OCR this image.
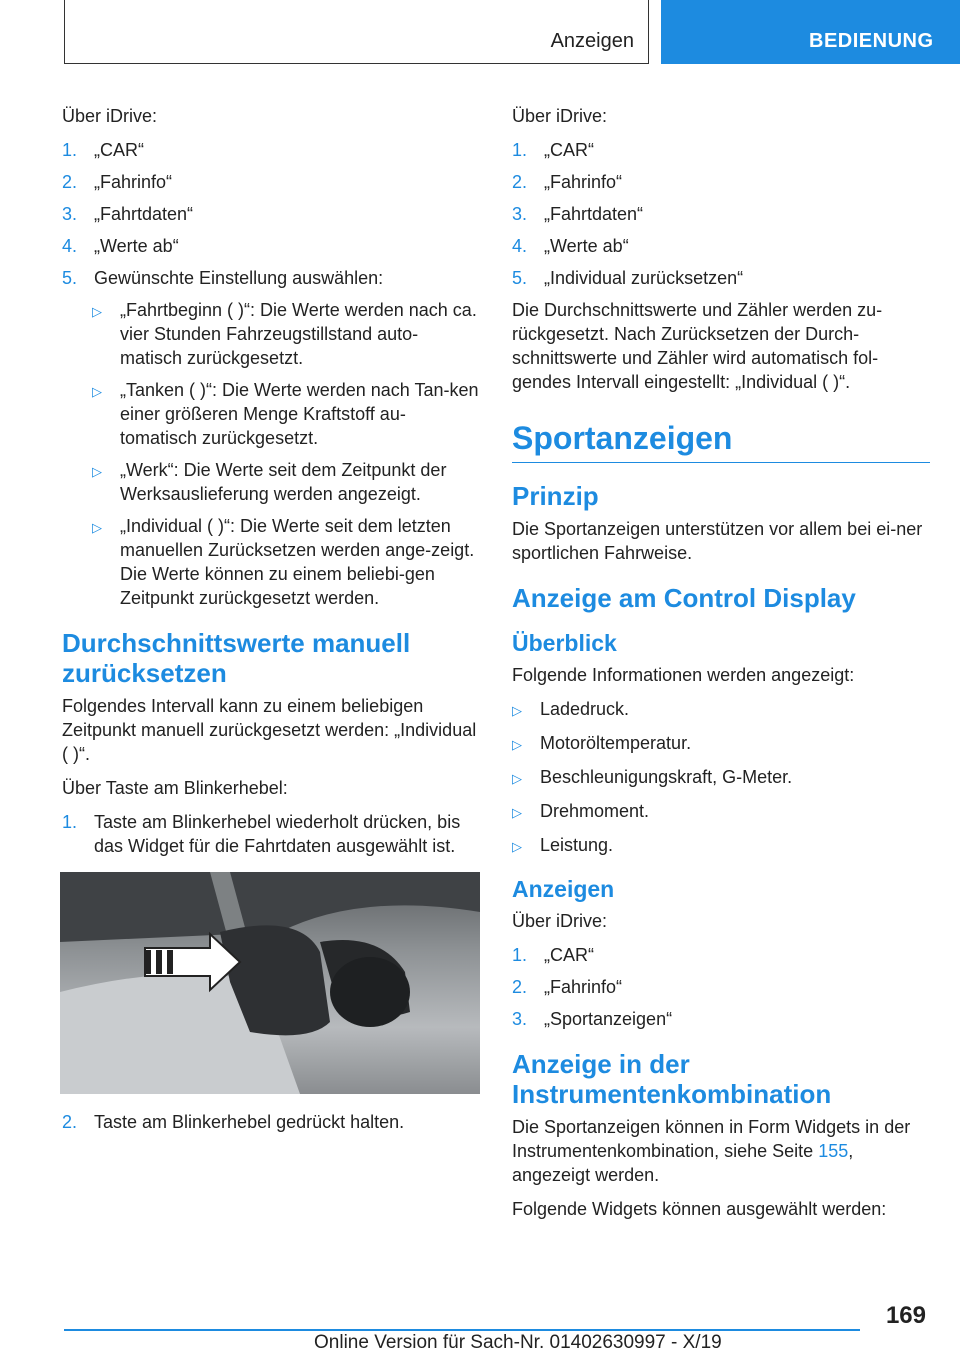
Anzeigen	BEDIENUNG

Über iDrive:

1. „CAR“
2. „Fahrinfo“
3. „Fahrtdaten“
4. „Werte ab“
5. Gewünschte Einstellung auswählen:
▷	„Fahrtbeginn ( )“: Die Werte werden nach ca. vier Stunden Fahrzeugstillstand auto‐matisch zurückgesetzt.
▷	„Tanken ( )“: Die Werte werden nach Tan‐ken einer größeren Menge Kraftstoff au‐tomatisch zurückgesetzt.
▷	„Werk“: Die Werte seit dem Zeitpunkt der Werksauslieferung werden angezeigt.
▷	„Individual ( )“: Die Werte seit dem letzten manuellen Zurücksetzen werden ange‐zeigt. Die Werte können zu einem beliebi‐gen Zeitpunkt zurückgesetzt werden.
Durchschnittswerte manuell zurücksetzen

Folgendes Intervall kann zu einem beliebigen Zeitpunkt manuell zurückgesetzt werden: „Individual ( )“.

Über Taste am Blinkerhebel:

1. Taste am Blinkerhebel wiederholt drücken, bis das Widget für die Fahrtdaten ausgewählt ist.
2. Taste am Blinkerhebel gedrückt halten.

Über iDrive:

1. „CAR“
2. „Fahrinfo“
3. „Fahrtdaten“
4. „Werte ab“
5. „Individual zurücksetzen“

Die Durchschnittswerte und Zähler werden zu‐rückgesetzt. Nach Zurücksetzen der Durch‐schnittswerte und Zähler wird automatisch fol‐gendes Intervall eingestellt: „Individual ( )“.

Sportanzeigen
Prinzip

Die Sportanzeigen unterstützen vor allem bei ei‐ner sportlichen Fahrweise.

Anzeige am Control Display
Überblick

Folgende Informationen werden angezeigt:

▷	Ladedruck.
▷	Motoröltemperatur.
▷	Beschleunigungskraft, G-Meter.
▷	Drehmoment.
▷	Leistung.
Anzeigen

Über iDrive:

1. „CAR“
2. „Fahrinfo“
3. „Sportanzeigen“
Anzeige in der Instrumentenkombination

Die Sportanzeigen können in Form Widgets in der Instrumentenkombination, siehe Seite 155, angezeigt werden.

Folgende Widgets können ausgewählt werden:

169
Online Version für Sach-Nr. 01402630997 - X/19
